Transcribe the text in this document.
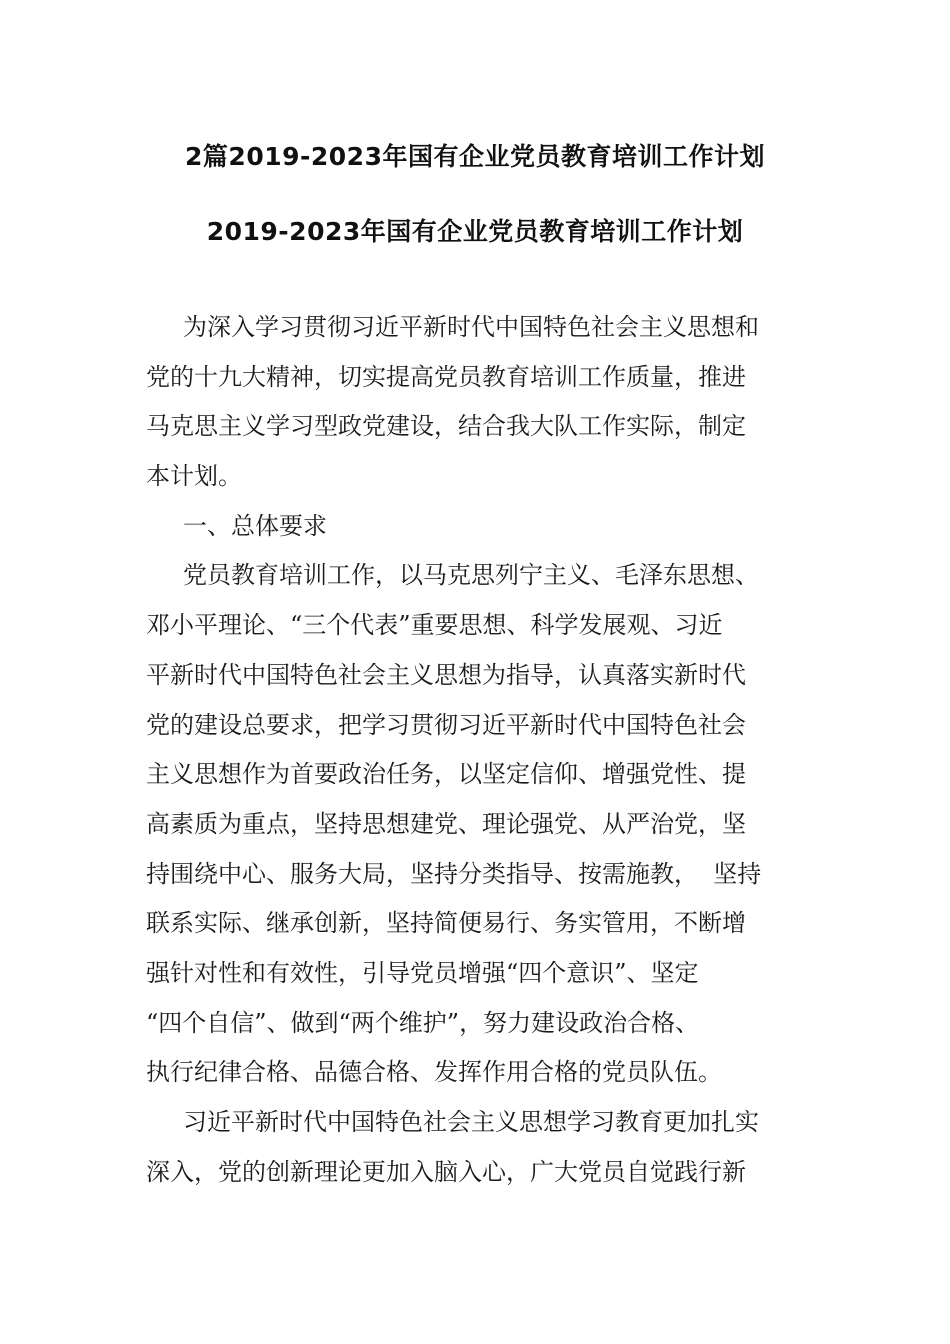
2篇2019-2023年国有企业党员教育培训工作计划
2019-2023年国有企业党员教育培训工作计划
为深入学习贯彻习近平新时代中国特色社会主义思想和
党的十九大精神，切实提高党员教育培训工作质量，推进
马克思主义学习型政党建设，结合我大队工作实际，制定
本计划。
一、总体要求
党员教育培训工作，以马克思列宁主义、毛泽东思想、
邓小平理论、“三个代表”重要思想、科学发展观、习近
平新时代中国特色社会主义思想为指导，认真落实新时代
党的建设总要求，把学习贯彻习近平新时代中国特色社会
主义思想作为首要政治任务，以坚定信仰、增强党性、提
高素质为重点，坚持思想建党、理论强党、从严治党，坚
持围绕中心、服务大局，坚持分类指导、按需施教，  坚持
联系实际、继承创新，坚持简便易行、务实管用，不断增
强针对性和有效性，引导党员增强“四个意识”、坚定
“四个自信”、做到“两个维护”，努力建设政治合格、
执行纪律合格、品德合格、发挥作用合格的党员队伍。
习近平新时代中国特色社会主义思想学习教育更加扎实
深入，党的创新理论更加入脑入心，广大党员自觉践行新
